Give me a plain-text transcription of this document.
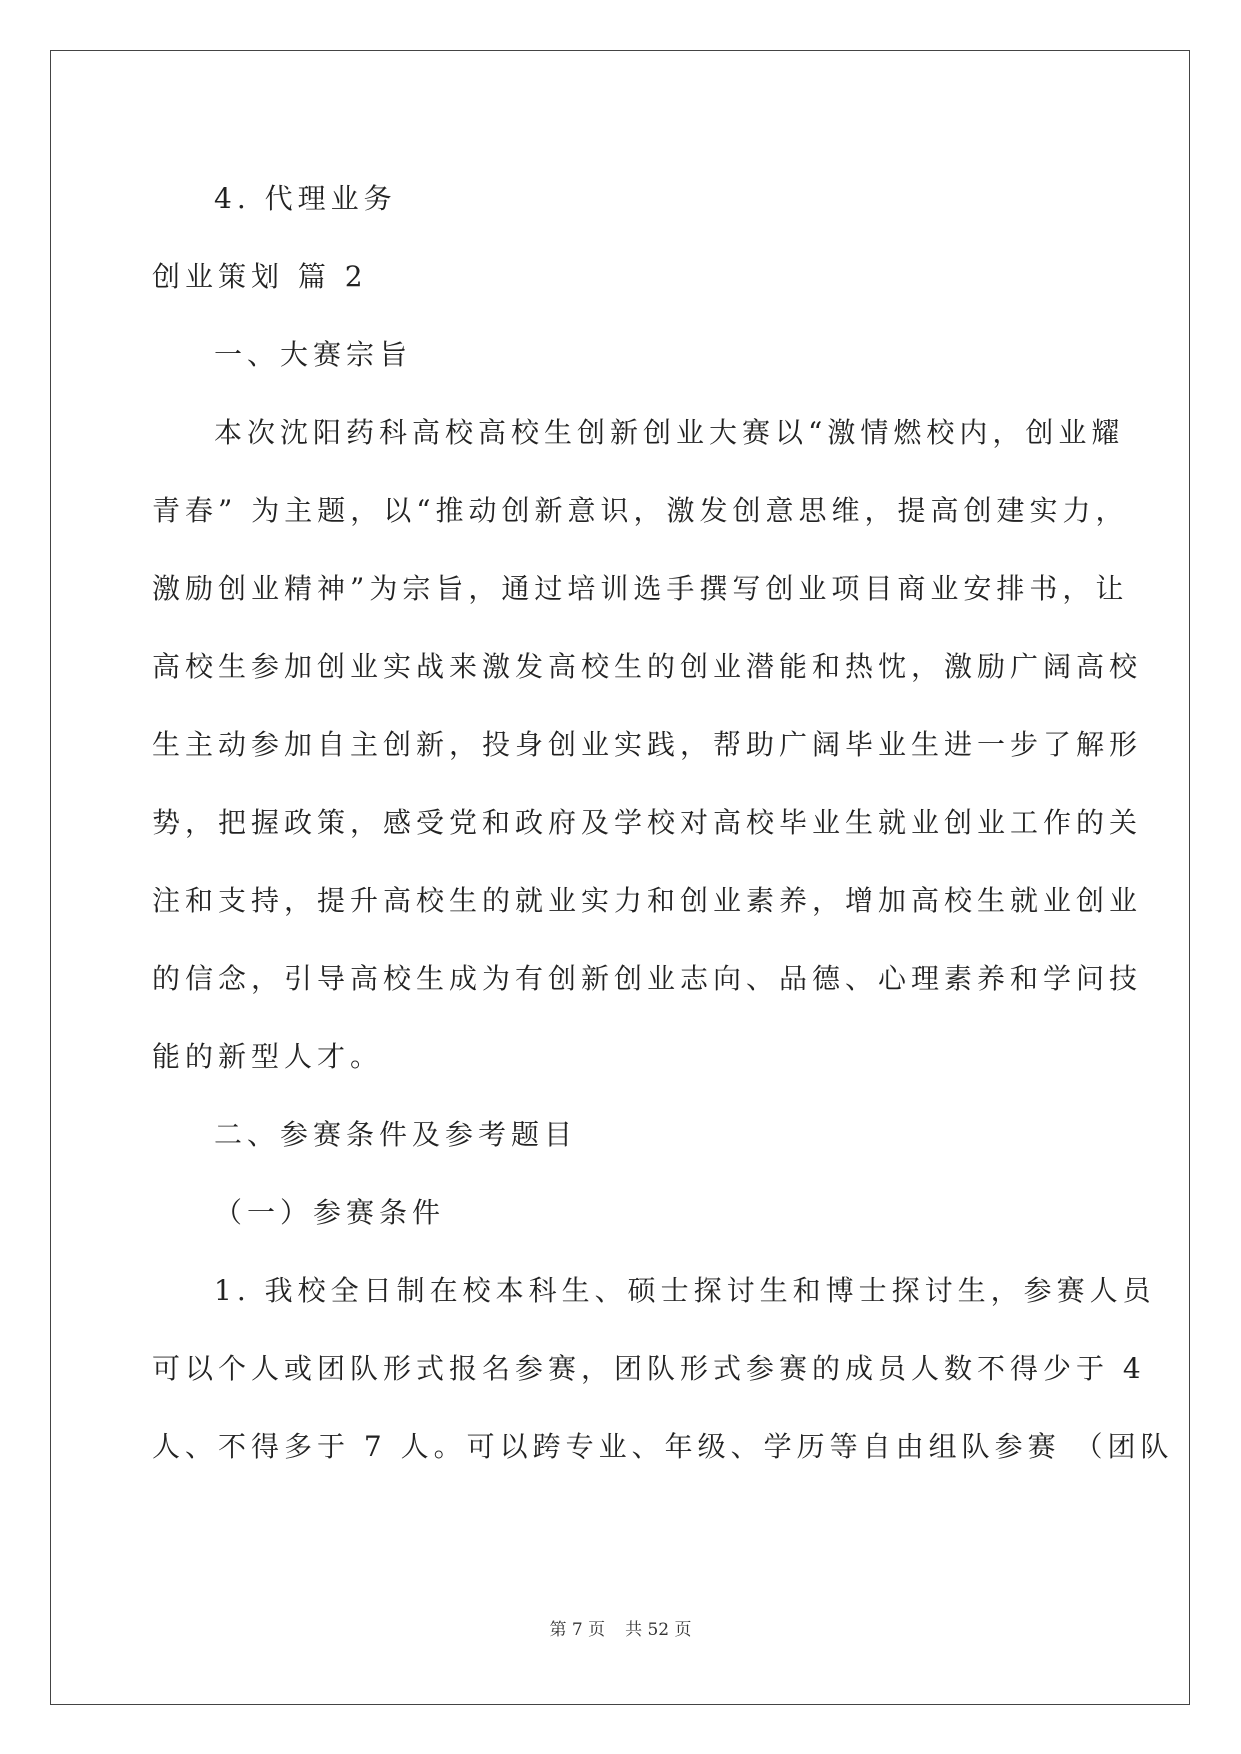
4. 代理业务
创业策划 篇 2
一、大赛宗旨
本次沈阳药科高校高校生创新创业大赛以“激情燃校内，创业耀
青春” 为主题，以“推动创新意识，激发创意思维，提高创建实力，
激励创业精神”为宗旨，通过培训选手撰写创业项目商业安排书，让
高校生参加创业实战来激发高校生的创业潜能和热忱，激励广阔高校
生主动参加自主创新，投身创业实践，帮助广阔毕业生进一步了解形
势，把握政策，感受党和政府及学校对高校毕业生就业创业工作的关
注和支持，提升高校生的就业实力和创业素养，增加高校生就业创业
的信念，引导高校生成为有创新创业志向、品德、心理素养和学问技
能的新型人才。
二、参赛条件及参考题目
（一）参赛条件
1. 我校全日制在校本科生、硕士探讨生和博士探讨生，参赛人员
可以个人或团队形式报名参赛，团队形式参赛的成员人数不得少于 4
人、不得多于 7 人。可以跨专业、年级、学历等自由组队参赛 （团队
第 7 页 共 52 页
